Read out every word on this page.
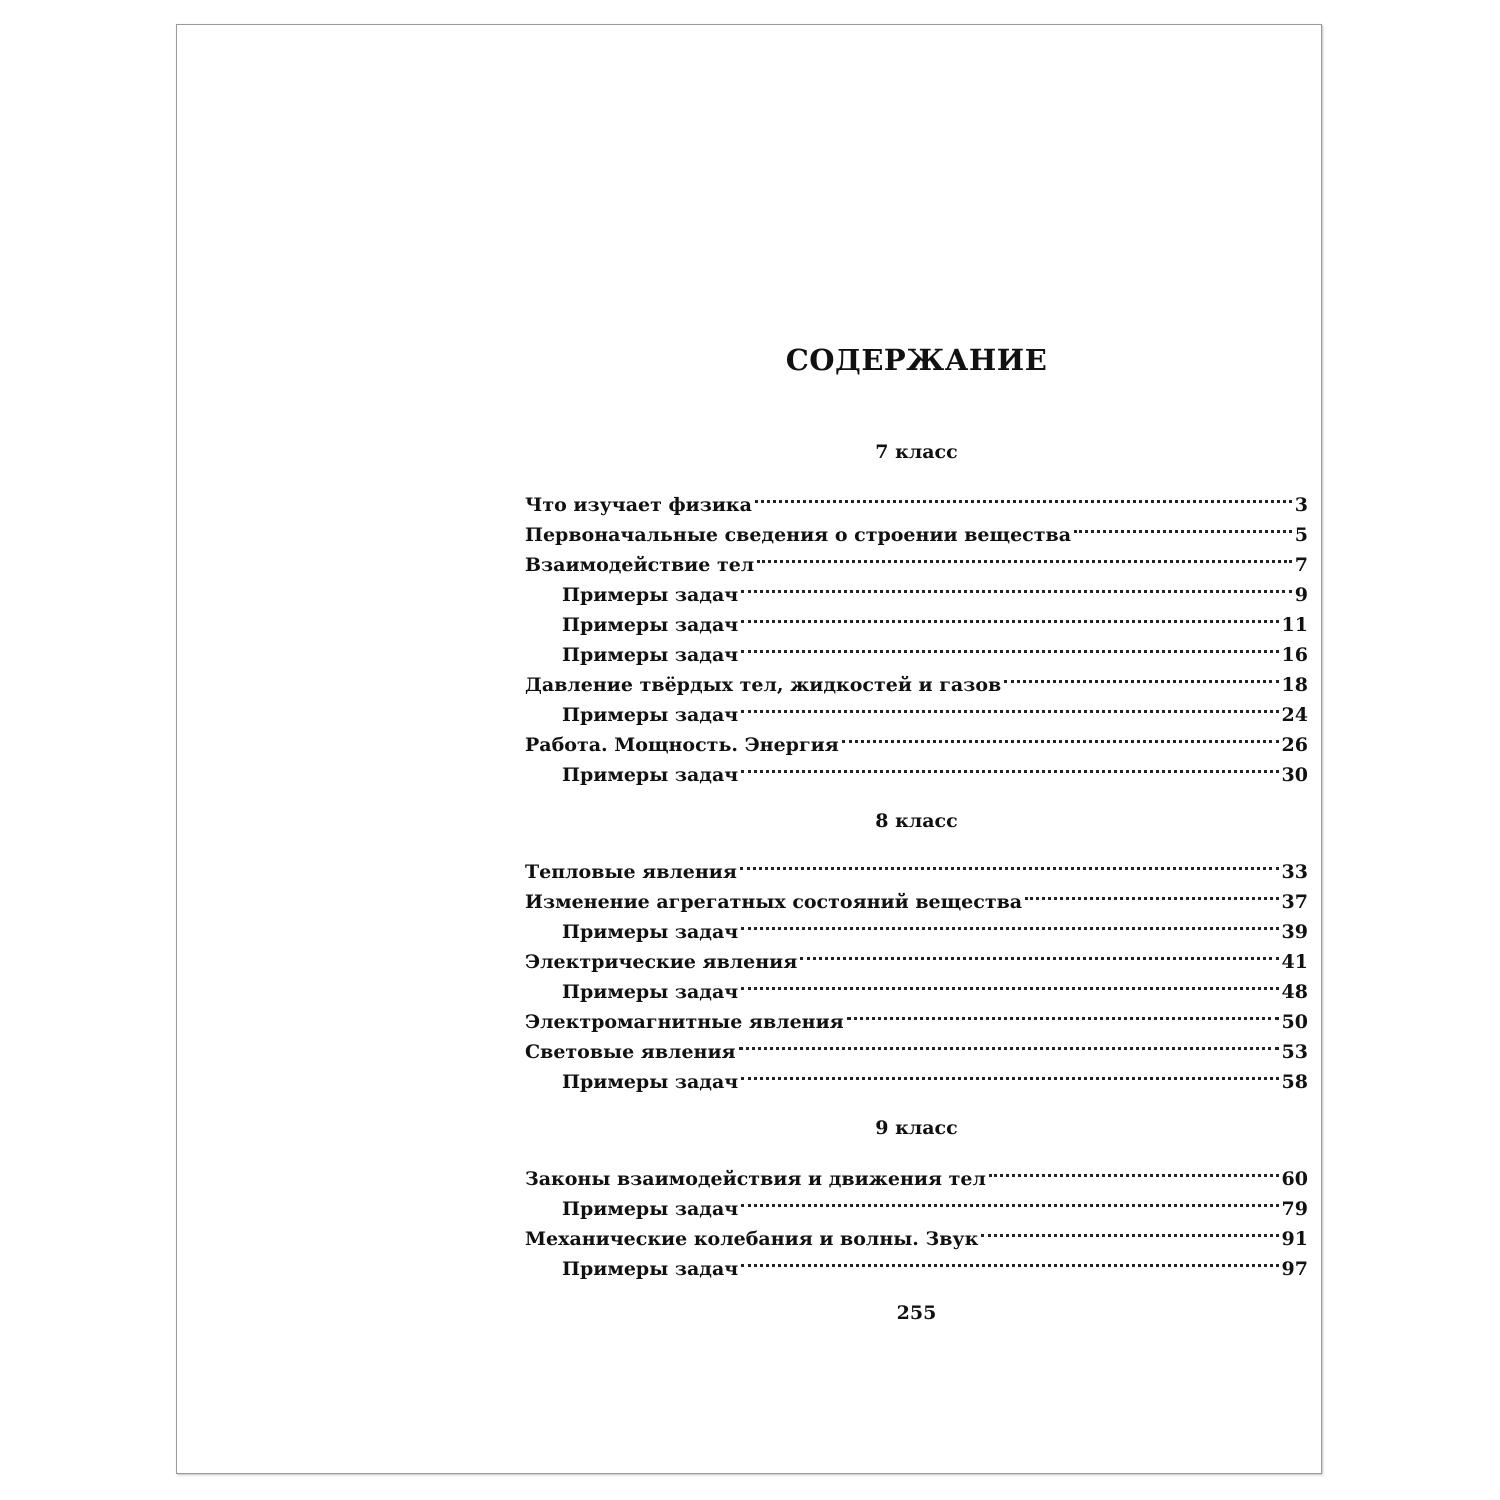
СОДЕРЖАНИЕ
7 класс
Что изучает физика	3
Первоначальные сведения о строении вещества	5
Взаимодействие тел	7
Примеры задач	9
Примеры задач	11
Примеры задач	16
Давление твёрдых тел, жидкостей и газов	18
Примеры задач	24
Работа. Мощность. Энергия	26
Примеры задач	30
8 класс
Тепловые явления	33
Изменение агрегатных состояний вещества	37
Примеры задач	39
Электрические явления	41
Примеры задач	48
Электромагнитные явления	50
Световые явления	53
Примеры задач	58
9 класс
Законы взаимодействия и движения тел	60
Примеры задач	79
Механические колебания и волны. Звук	91
Примеры задач	97
255
